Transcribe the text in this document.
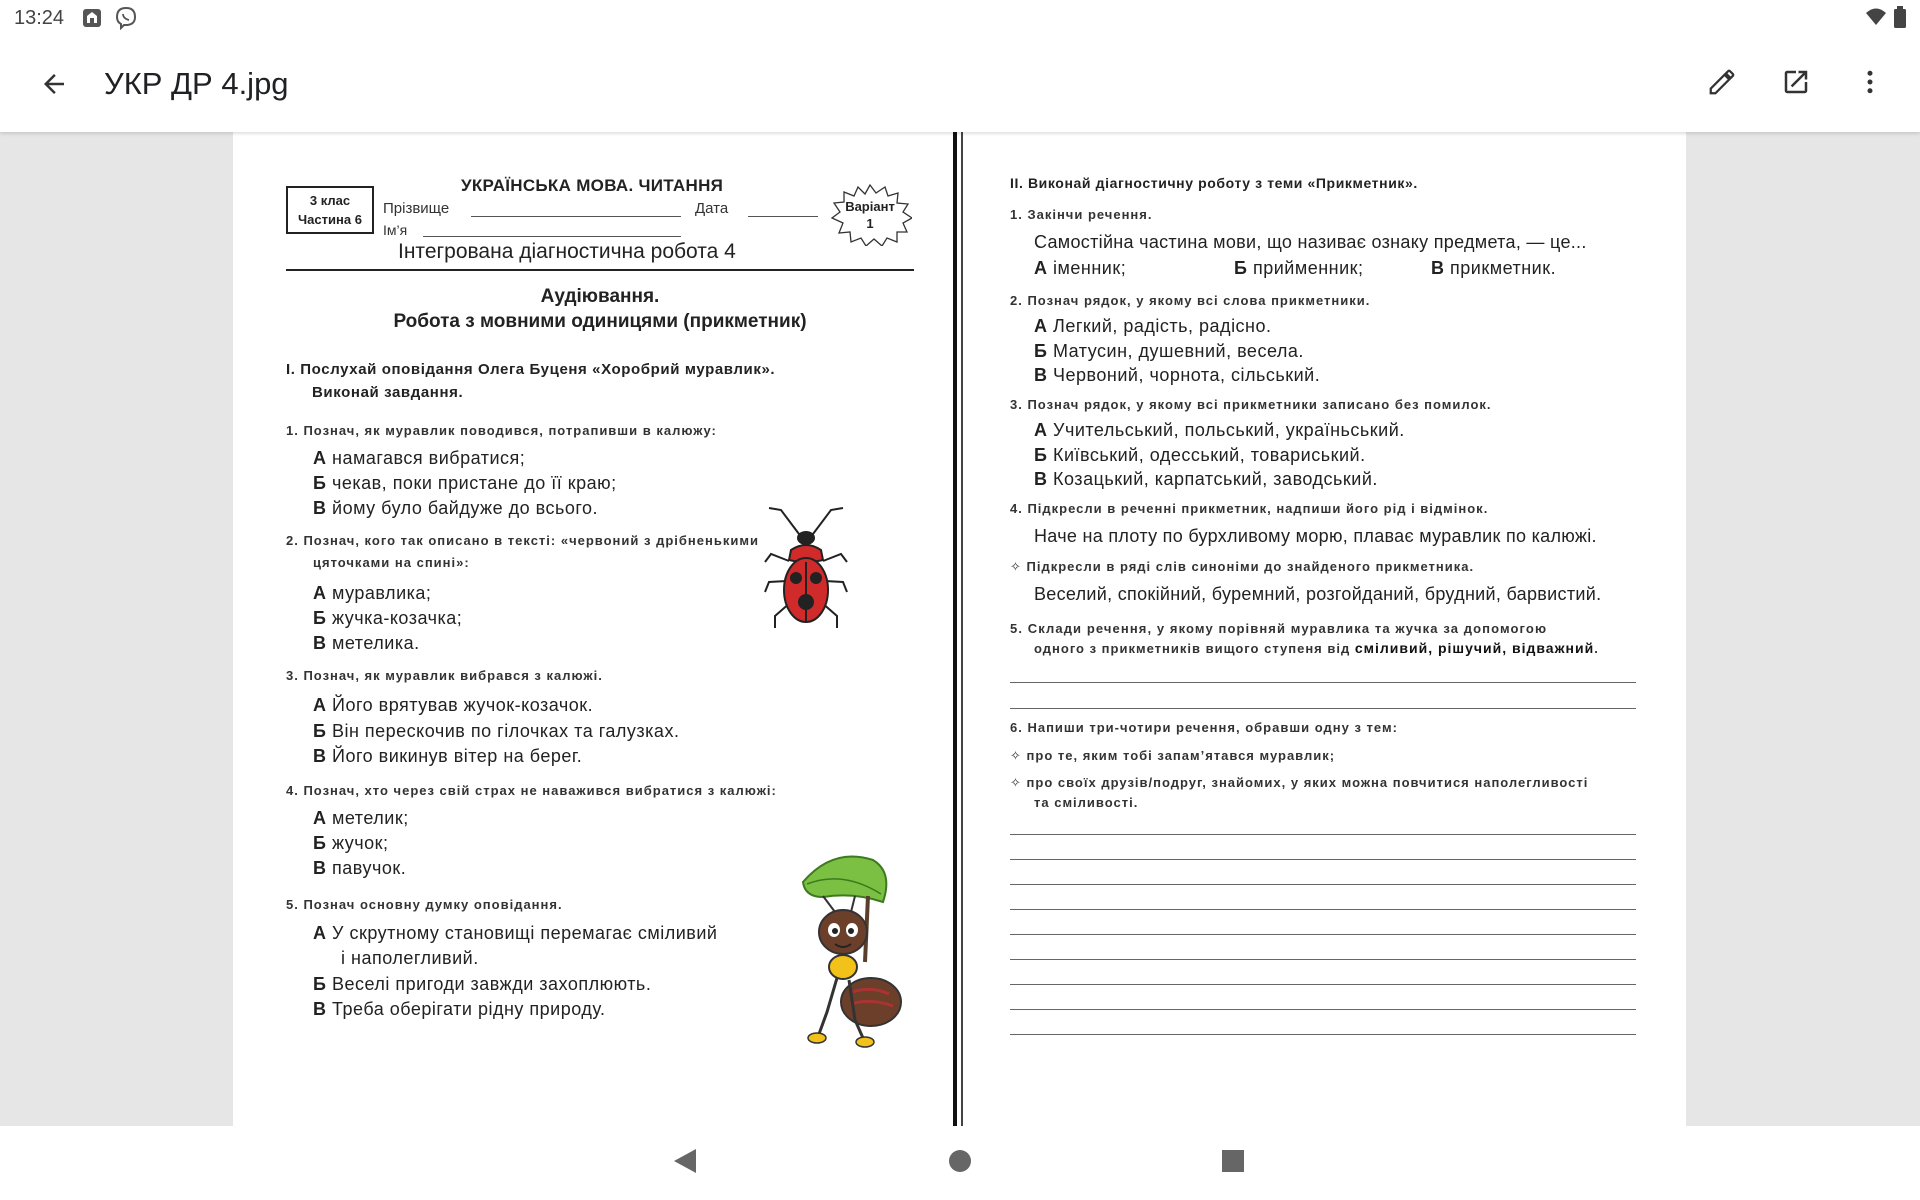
13:24
УКР ДР 4.jpg
3 клас
Частина 6
УКРАЇНСЬКА МОВА. ЧИТАННЯ
Прізвище	Дата
Ім’я
Варіант
1
Інтегрована діагностична робота 4
Аудіювання.
Робота з мовними одиницями (прикметник)
I. Послухай оповідання Олега Буценя «Хоробрий муравлик».
Виконай завдання.
1. Познач, як муравлик поводився, потрапивши в калюжу:
А намагався вибратися;
Б чекав, поки пристане до її краю;
В йому було байдуже до всього.
2. Познач, кого так описано в тексті: «червоний з дрібненькими
цяточками на спині»:
А муравлика;
Б жучка-козачка;
В метелика.
3. Познач, як муравлик вибрався з калюжі.
А Його врятував жучок-козачок.
Б Він перескочив по гілочках та галузках.
В Його викинув вітер на берег.
4. Познач, хто через свій страх не наважився вибратися з калюжі:
А метелик;
Б жучок;
В павучок.
5. Познач основну думку оповідання.
А У скрутному становищі перемагає сміливий
і наполегливий.
Б Веселі пригоди завжди захоплюють.
В Треба оберігати рідну природу.
II. Виконай діагностичну роботу з теми «Прикметник».
1. Закінчи речення.
Самостійна частина мови, що називає ознаку предмета, — це...
А іменник;	Б прийменник;	В прикметник.
2. Познач рядок, у якому всі слова прикметники.
А Легкий, радість, радісно.
Б Матусин, душевний, весела.
В Червоний, чорнота, сільський.
3. Познач рядок, у якому всі прикметники записано без помилок.
А Учительський, польський, україньський.
Б Київський, одесський, товариський.
В Козацький, карпатський, заводський.
4. Підкресли в реченні прикметник, надпиши його рід і відмінок.
Наче на плоту по бурхливому морю, плаває муравлик по калюжі.
✧ Підкресли в ряді слів синоніми до знайденого прикметника.
Веселий, спокійний, буремний, розгойданий, брудний, барвистий.
5. Склади речення, у якому порівняй муравлика та жучка за допомогою
одного з прикметників вищого ступеня від сміливий, рішучий, відважний.
6. Напиши три-чотири речення, обравши одну з тем:
✧ про те, яким тобі запам’ятався муравлик;
✧ про своїх друзів/подруг, знайомих, у яких можна повчитися наполегливості
та сміливості.
